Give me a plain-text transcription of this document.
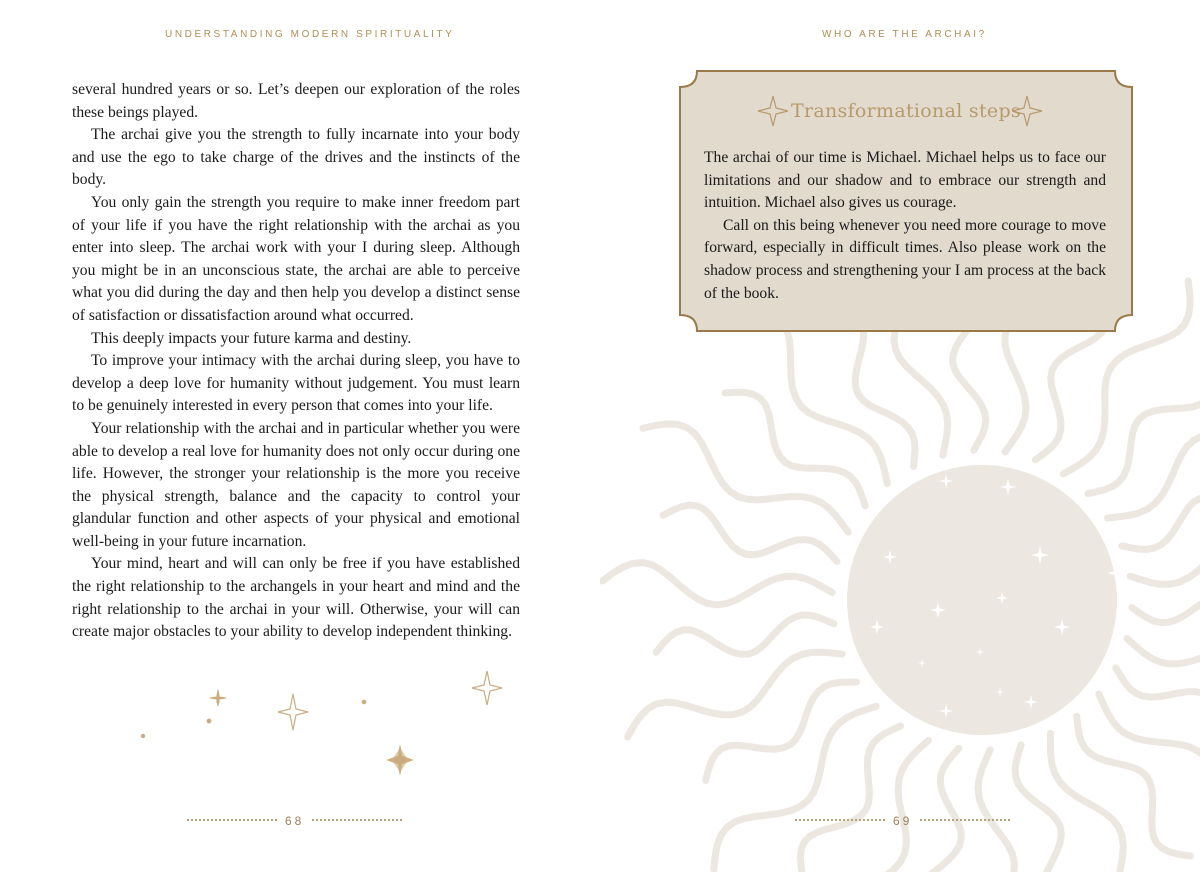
UNDERSTANDING MODERN SPIRITUALITY

several hundred years or so. Let’s deepen our exploration of the roles these beings played.

The archai give you the strength to fully incarnate into your body and use the ego to take charge of the drives and the instincts of the body.

You only gain the strength you require to make inner freedom part of your life if you have the right relationship with the archai as you enter into sleep. The archai work with your I during sleep. Although you might be in an unconscious state, the archai are able to perceive what you did during the day and then help you develop a distinct sense of satisfaction or dissatisfaction around what occurred.

This deeply impacts your future karma and destiny.

To improve your intimacy with the archai during sleep, you have to develop a deep love for humanity without judgement. You must learn to be genuinely interested in every person that comes into your life.

Your relationship with the archai and in particular whether you were able to develop a real love for humanity does not only occur during one life. However, the stronger your relationship is the more you receive the physical strength, balance and the capacity to control your glandular function and other aspects of your physical and emotional well-being in your future incarnation.

Your mind, heart and will can only be free if you have established the right relationship to the archangels in your heart and mind and the right relationship to the archai in your will. Otherwise, your will can create major obstacles to your ability to develop independent thinking.

68
WHO ARE THE ARCHAI?
Transformational steps

The archai of our time is Michael. Michael helps us to face our limitations and our shadow and to embrace our strength and intuition. Michael also gives us courage.

Call on this being whenever you need more courage to move forward, especially in difficult times. Also please work on the shadow process and strengthening your I am process at the back of the book.

69
